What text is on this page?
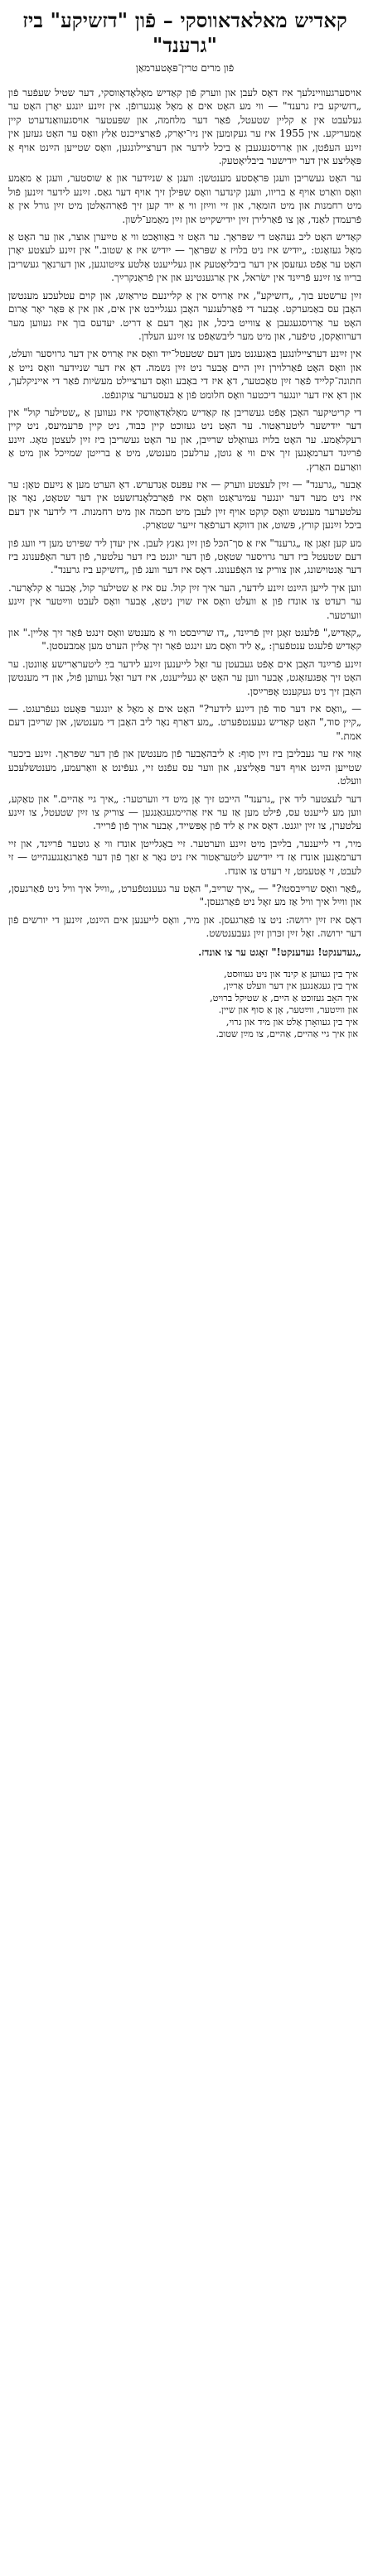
קאדיש מאלאדאווסקי – פֿון "דזשיקע" ביז "גרענד"
פֿון מרים טרין־פּאָטערמאַן

אויסערגעוויינלעך איז דאָס לעבן און ווערק פֿון קאַדיש מאָלאָדאָווסקי, דער שטיל שעפֿער פֿון „דזשיקע ביז גרענד" — ווי מע האָט אים אַ מאָל אָנגערופֿן. אין זײַנע יונגע יאָרן האָט ער געלעבט אין אַ קליין שטעטל, פֿאַר דער מלחמה, און שפּעטער אויסגעוואַנדערט קיין אַמעריקע. אין 1955 איז ער געקומען אין ניו־יאָרק, פֿאַרצייכנט אַלץ וואָס ער האָט געזען אין זײַנע העפֿטן, און אַרויסגעגעבן אַ ביכל לידער און דערציילונגען, וואָס שטייען הײַנט אויף אַ פּאָליצע אין דער ייִדישער ביבליאָטעק.

ער האָט געשריבן וועגן פּראָסטע מענטשן: וועגן אַ שנײַדער און אַ שוסטער, וועגן אַ מאַמע וואָס וואַרט אויף אַ בריוו, וועגן קינדער וואָס שפּילן זיך אויף דער גאַס. זײַנע לידער זײַנען פֿול מיט רחמנות און מיט הומאָר, און זיי ווײַזן ווי אַ ייִד קען זיך פֿאַרהאַלטן מיט זײַן גורל אין אַ פֿרעמדן לאַנד, אָן צו פֿאַרלירן זײַן ייִדישקייט און זײַן מאַמע־לשון.

קאַדיש האָט ליב געהאַט די שפּראַך. ער האָט זי באַוואַכט ווי אַ טײַערן אוצר, און ער האָט אַ מאָל געזאָגט: „ייִדיש איז ניט בלויז אַ שפּראַך — ייִדיש איז אַ שטוב." אין זײַנע לעצטע יאָרן האָט ער אָפֿט געזעסן אין דער ביבליאָטעק און געלייענט אַלטע צײַטונגען, און דערנאָך געשריבן בריוו צו זײַנע פֿרײַנד אין ישׂראל, אין אַרגענטינע און אין פֿראַנקרײַך.

זײַן ערשטע בוך, „דזשיקע", איז אַרויס אין אַ קליינעם טיראַזש, און קוים עטלעכע מענטשן האָבן עס באַמערקט. אָבער די פֿאַרלעגער האָבן געגלייבט אין אים, און אין אַ פּאָר יאָר אַרום האָט ער אַרויסגעגעבן אַ צווייט ביכל, און נאָך דעם אַ דריט. יעדעס בוך איז געווען מער דערוואַקסן, טיפֿער, און מיט מער ליבשאַפֿט צו זײַנע העלדן.

אין זײַנע דערציילונגען באַגעגנט מען דעם שטעטל־ייִד וואָס איז אַרויס אין דער גרויסער וועלט, און וואָס האָט פֿאַרלוירן זײַן היים אָבער ניט זײַן נשמה. דאָ איז דער שנײַדער וואָס נייט אַ חתונה־קלייד פֿאַר זײַן טאָכטער, דאָ איז די באָבע וואָס דערציילט מעשׂיות פֿאַר די אייניקלעך, און דאָ איז דער יונגער דיכטער וואָס חלומט פֿון אַ בעסערער צוקונפֿט.

די קריטיקער האָבן אָפֿט געשריבן אַז קאַדיש מאָלאָדאָווסקי איז געווען אַ „שטילער קול" אין דער ייִדישער ליטעראַטור. ער האָט ניט געזוכט קיין כּבוד, ניט קיין פּרעמיעס, ניט קיין רעקלאַמע. ער האָט בלויז געוואָלט שרײַבן, און ער האָט געשריבן ביז זײַן לעצטן טאָג. זײַנע פֿרײַנד דערמאָנען זיך אים ווי אַ גוטן, ערלעכן מענטש, מיט אַ ברייטן שמייכל און מיט אַ וואַרעם האַרץ.

אָבער „גרענד" — זײַן לעצטע ווערק — איז עפּעס אַנדערש. דאָ הערט מען אַ נײַעם טאָן: ער איז ניט מער דער יונגער עמיגראַנט וואָס איז פֿאַרבלאָנדזשעט אין דער שטאָט, נאָר אַן עלטערער מענטש וואָס קוקט אויף זײַן לעבן מיט חכמה און מיט רחמנות. די לידער אין דעם ביכל זײַנען קורץ, פּשוט, און דווקא דערפֿאַר זייער שטאַרק.

מע קען זאָגן אַז „גרענד" איז אַ סך־הכּל פֿון זײַן גאַנץ לעבן. אין יעדן ליד שפּירט מען די וועג פֿון דעם שטעטל ביז דער גרויסער שטאָט, פֿון דער יוגנט ביז דער עלטער, פֿון דער האָפֿענונג ביז דער אַנטוישונג, און צוריק צו האָפֿענונג. דאָס איז דער וועג פֿון „דזשיקע ביז גרענד".

ווען איך לייען הײַנט זײַנע לידער, הער איך זײַן קול. עס איז אַ שטילער קול, אָבער אַ קלאָרער. ער רעדט צו אונדז פֿון אַ וועלט וואָס איז שוין ניטאָ, אָבער וואָס לעבט ווײַטער אין זײַנע ווערטער.

„קאַדיש," פֿלעגט זאָגן זײַן פֿרײַנד, „דו שרײַבסט ווי אַ מענטש וואָס זינגט פֿאַר זיך אַליין." און קאַדיש פֿלעגט ענטפֿערן: „אַ ליד וואָס מע זינגט פֿאַר זיך אַליין הערט מען אַמבעסטן."

זײַנע פֿרײַנד האָבן אים אָפֿט געבעטן ער זאָל לייענען זײַנע לידער בײַ ליטעראַרישע אָוונטן. ער האָט זיך אָפּגעזאָגט, אָבער ווען ער האָט יאָ געלייענט, איז דער זאַל געווען פֿול, און די מענטשן האָבן זיך ניט געקענט אָפּרײַסן.

— „וואָס איז דער סוד פֿון דײַנע לידער?" האָט אים אַ מאָל אַ יונגער פּאָעט געפֿרעגט. — „קיין סוד," האָט קאַדיש געענטפֿערט. „מע דאַרף נאָר ליב האָבן די מענטשן, און שרײַבן דעם אמת."

אַזוי איז ער געבליבן ביז זײַן סוף: אַ ליבהאָבער פֿון מענטשן און פֿון דער שפּראַך. זײַנע ביכער שטייען הײַנט אויף דער פּאָליצע, און ווער עס עפֿנט זיי, געפֿינט אַ וואַרעמע, מענטשלעכע וועלט.

דער לעצטער ליד אין „גרענד" הייבט זיך אָן מיט די ווערטער: „איך גיי אַהיים." און טאַקע, ווען מע לייענט עס, פֿילט מען אַז ער איז אַהיימגעגאַנגען — צוריק צו זײַן שטעטל, צו זײַנע עלטערן, צו זײַן יוגנט. דאָס איז אַ ליד פֿון אָפּשייד, אָבער אויך פֿון פֿרייד.

מיר, די לייענער, בלײַבן מיט זײַנע ווערטער. זיי באַגלייטן אונדז ווי אַ גוטער פֿרײַנד, און זיי דערמאָנען אונדז אַז די ייִדישע ליטעראַטור איז ניט נאָר אַ זאַך פֿון דער פֿאַרגאַנגענהייט — זי לעבט, זי אָטעמט, זי רעדט צו אונדז.

„פֿאַר וואָס שרײַבסטו?" — „איך שרײַב," האָט ער געענטפֿערט, „ווײַל איך וויל ניט פֿאַרגעסן, און ווײַל איך וויל אַז מע זאָל ניט פֿאַרגעסן."

דאָס איז זײַן ירושה: ניט צו פֿאַרגעסן. און מיר, וואָס לייענען אים הײַנט, זײַנען די יורשים פֿון דער ירושה. זאָל זײַן זכּרון זײַן געבענטשט.

„געדענקט! געדענקט!" זאָגט ער צו אונדז.
איך בין געווען אַ קינד און ניט געוווּסט,
איך בין געגאַנגען אין דער וועלט אַרײַן,
איך האָב געזוכט אַ היים, אַ שטיקל ברויט,
און ווײַטער, ווײַטער, אָן אַ סוף און שיין.
איך בין געוואָרן אַלט און מיד און גרוי,
און איך גיי אַהיים, אַהיים, צו מײַן שטוב.
